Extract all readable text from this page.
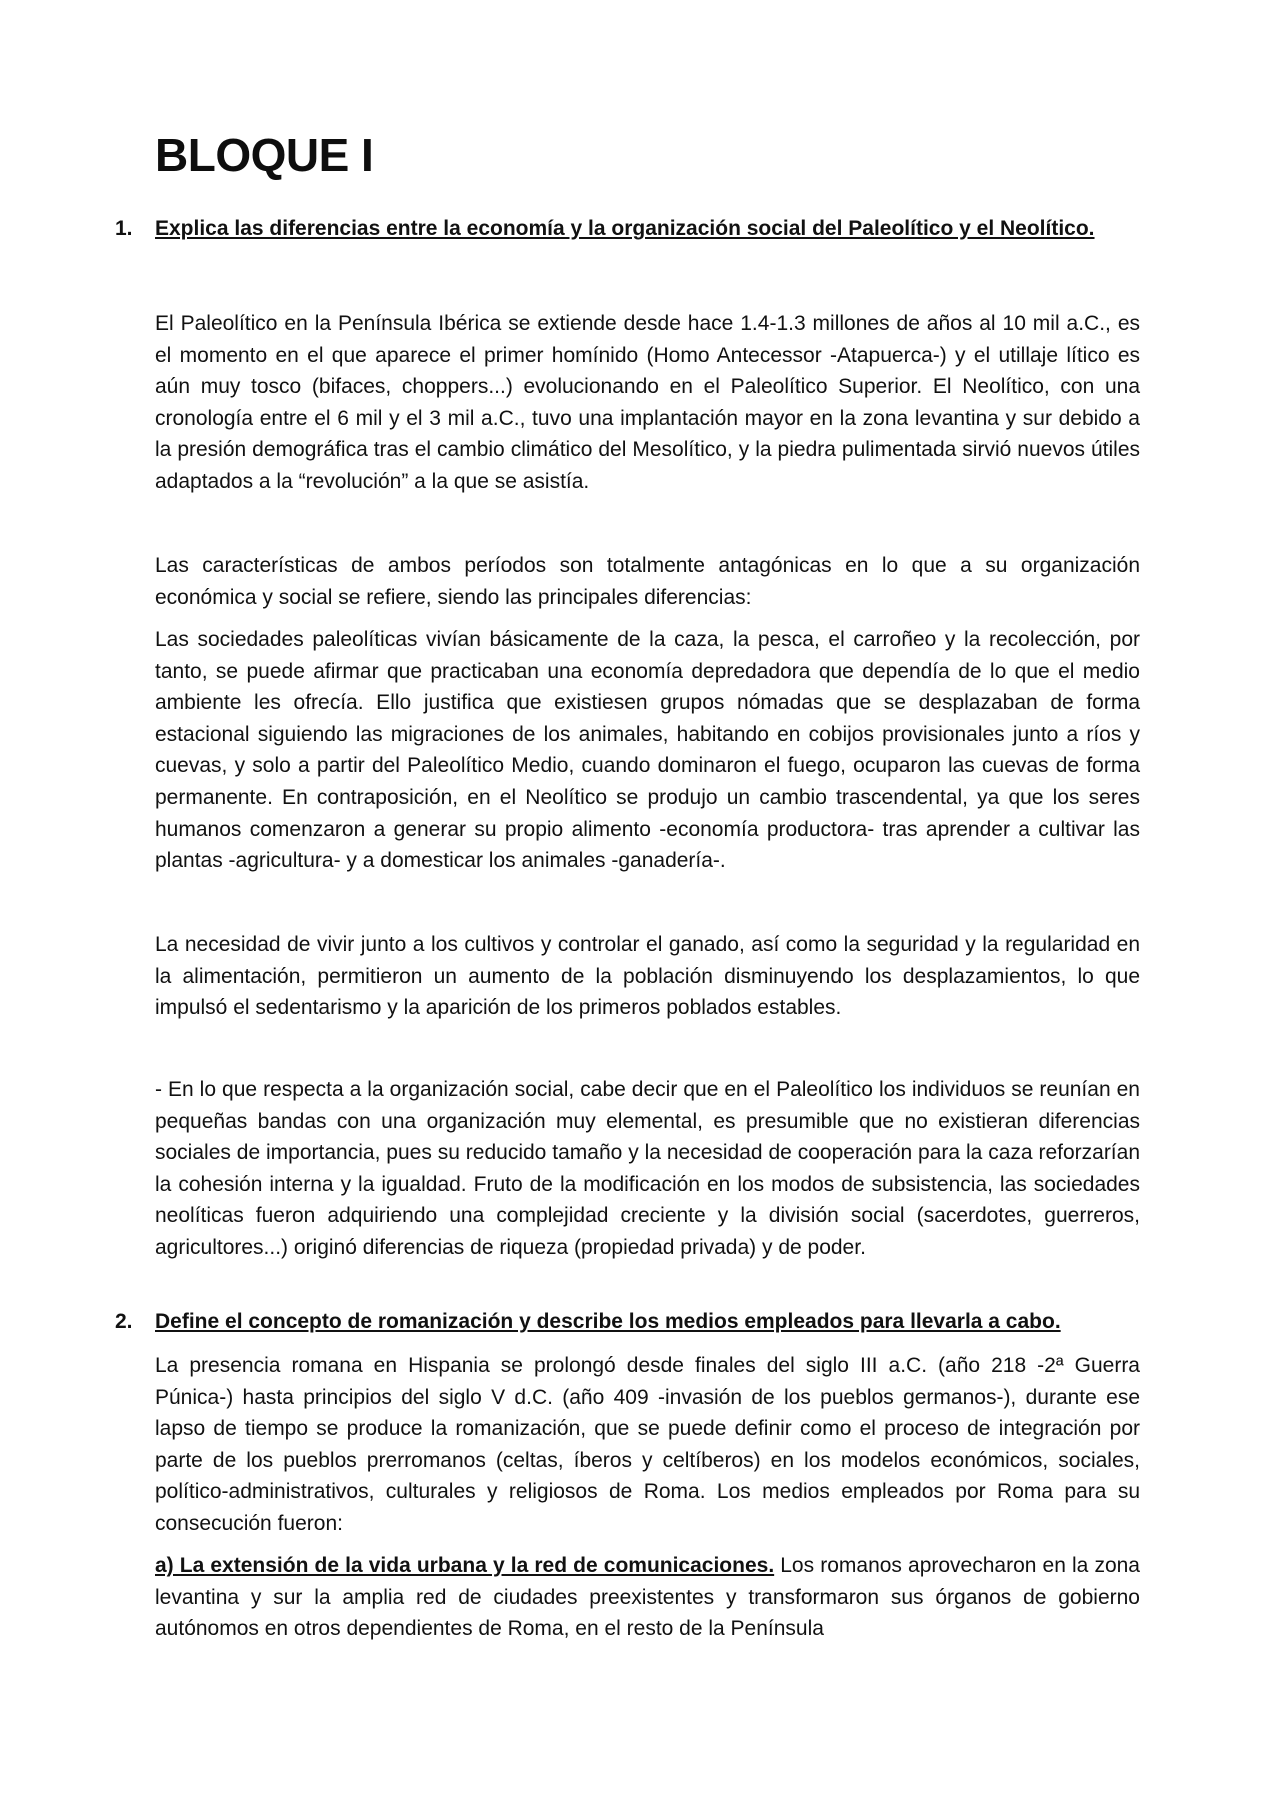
BLOQUE I
1.	Explica las diferencias entre la economía y la organización social del Paleolítico y el Neolítico.

El Paleolítico en la Península Ibérica se extiende desde hace 1.4-1.3 millones de años al 10 mil a.C., es el momento en el que aparece el primer homínido (Homo Antecessor -Atapuerca-) y el utillaje lítico es aún muy tosco (bifaces, choppers...) evolucionando en el Paleolítico Superior. El Neolítico, con una cronología entre el 6 mil y el 3 mil a.C., tuvo una implantación mayor en la zona levantina y sur debido a la presión demográfica tras el cambio climático del Mesolítico, y la piedra pulimentada sirvió nuevos útiles adaptados a la “revolución” a la que se asistía.

Las características de ambos períodos son totalmente antagónicas en lo que a su organización económica y social se refiere, siendo las principales diferencias:

Las sociedades paleolíticas vivían básicamente de la caza, la pesca, el carroñeo y la recolección, por tanto, se puede afirmar que practicaban una economía depredadora que dependía de lo que el medio ambiente les ofrecía. Ello justifica que existiesen grupos nómadas que se desplazaban de forma estacional siguiendo las migraciones de los animales, habitando en cobijos provisionales junto a ríos y cuevas, y solo a partir del Paleolítico Medio, cuando dominaron el fuego, ocuparon las cuevas de forma permanente. En contraposición, en el Neolítico se produjo un cambio trascendental, ya que los seres humanos comenzaron a generar su propio alimento -economía productora- tras aprender a cultivar las plantas -agricultura- y a domesticar los animales -ganadería-.

La necesidad de vivir junto a los cultivos y controlar el ganado, así como la seguridad y la regularidad en la alimentación, permitieron un aumento de la población disminuyendo los desplazamientos, lo que impulsó el sedentarismo y la aparición de los primeros poblados estables.

- En lo que respecta a la organización social, cabe decir que en el Paleolítico los individuos se reunían en pequeñas bandas con una organización muy elemental, es presumible que no existieran diferencias sociales de importancia, pues su reducido tamaño y la necesidad de cooperación para la caza reforzarían la cohesión interna y la igualdad. Fruto de la modificación en los modos de subsistencia, las sociedades neolíticas fueron adquiriendo una complejidad creciente y la división social (sacerdotes, guerreros, agricultores...) originó diferencias de riqueza (propiedad privada) y de poder.

2.	Define el concepto de romanización y describe los medios empleados para llevarla a cabo.

La presencia romana en Hispania se prolongó desde finales del siglo III a.C. (año 218 -2ª Guerra Púnica-) hasta principios del siglo V d.C. (año 409 -invasión de los pueblos germanos-), durante ese lapso de tiempo se produce la romanización, que se puede definir como el proceso de integración por parte de los pueblos prerromanos (celtas, íberos y celtíberos) en los modelos económicos, sociales, político-administrativos, culturales y religiosos de Roma. Los medios empleados por Roma para su consecución fueron:

a) La extensión de la vida urbana y la red de comunicaciones. Los romanos aprovecharon en la zona levantina y sur la amplia red de ciudades preexistentes y transformaron sus órganos de gobierno autónomos en otros dependientes de Roma, en el resto de la Península
